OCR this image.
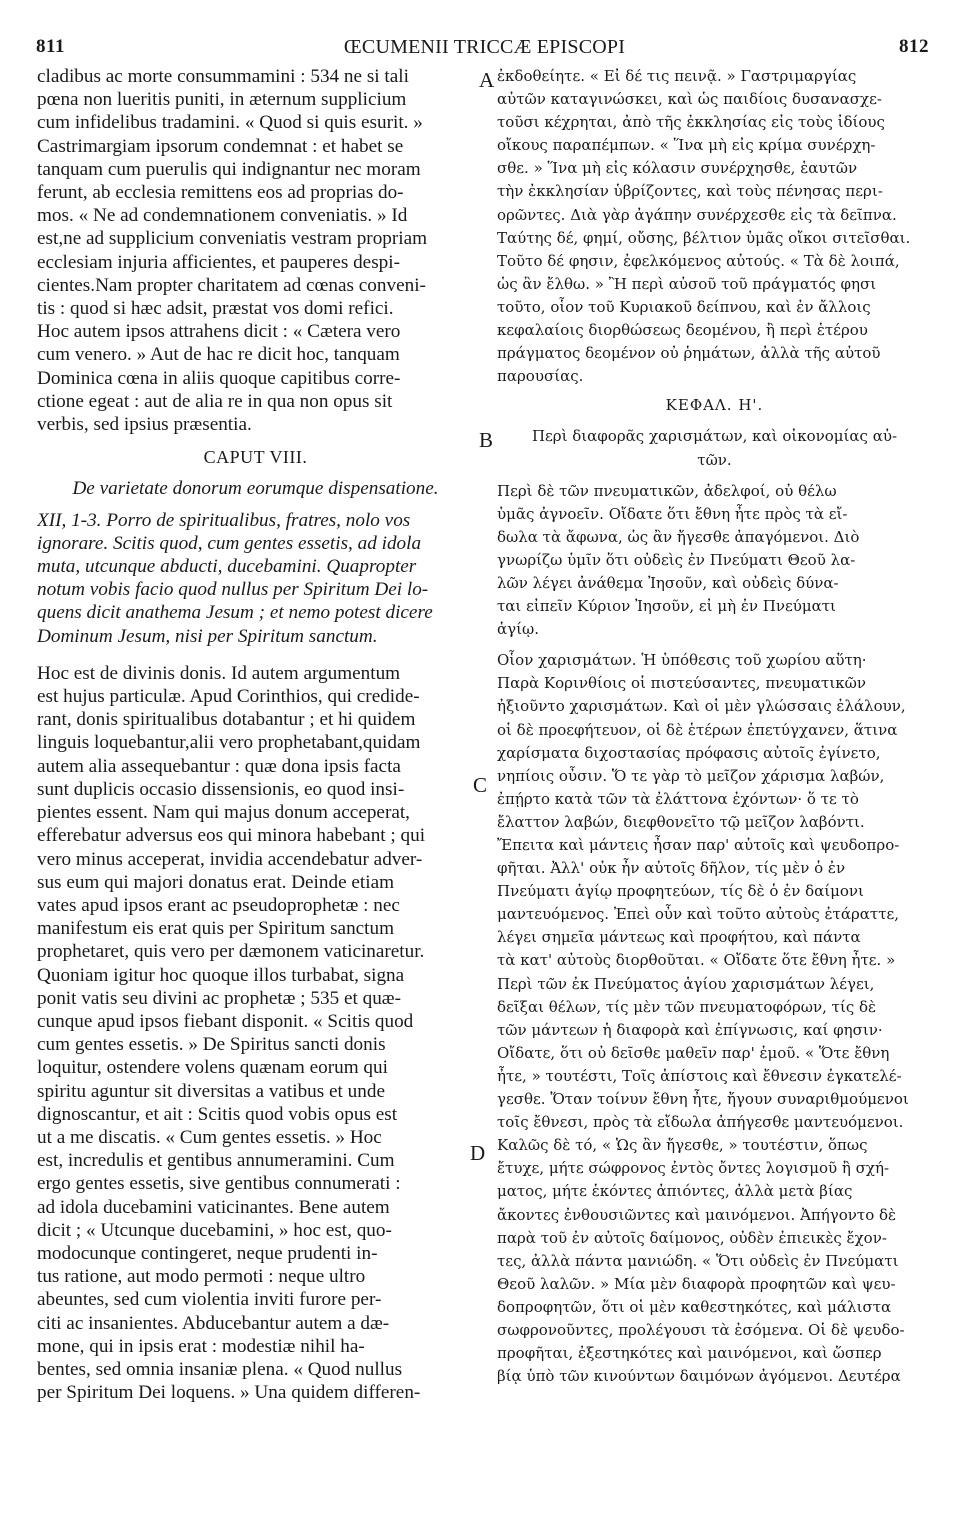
811	ŒCUMENII TRICCÆ EPISCOPI	812
A
B
C
D
cladibus ac morte consummamini : 534 ne si tali
pœna non lueritis puniti, in æternum supplicium
cum infidelibus tradamini. « Quod si quis esurit. »
Castrimargiam ipsorum condemnat : et habet se
tanquam cum puerulis qui indignantur nec moram
ferunt, ab ecclesia remittens eos ad proprias do-
mos. « Ne ad condemnationem conveniatis. » Id
est,ne ad supplicium conveniatis vestram propriam
ecclesiam injuria afficientes, et pauperes despi-
cientes.Nam propter charitatem ad cœnas conveni-
tis : quod si hæc adsit, præstat vos domi refici.
Hoc autem ipsos attrahens dicit : « Cætera vero
cum venero. » Aut de hac re dicit hoc, tanquam
Dominica cœna in aliis quoque capitibus corre-
ctione egeat : aut de alia re in qua non opus sit
verbis, sed ipsius præsentia.
CAPUT VIII.
De varietate donorum eorumque dispensatione.
XII, 1-3. Porro de spiritualibus, fratres, nolo vos
ignorare. Scitis quod, cum gentes essetis, ad idola
muta, utcunque abducti, ducebamini. Quapropter
notum vobis facio quod nullus per Spiritum Dei lo-
quens dicit anathema Jesum ; et nemo potest dicere
Dominum Jesum, nisi per Spiritum sanctum.
Hoc est de divinis donis. Id autem argumentum
est hujus particulæ. Apud Corinthios, qui credide-
rant, donis spiritualibus dotabantur ; et hi quidem
linguis loquebantur,alii vero prophetabant,quidam
autem alia assequebantur : quæ dona ipsis facta
sunt duplicis occasio dissensionis, eo quod insi-
pientes essent. Nam qui majus donum acceperat,
efferebatur adversus eos qui minora habebant ; qui
vero minus acceperat, invidia accendebatur adver-
sus eum qui majori donatus erat. Deinde etiam
vates apud ipsos erant ac pseudoprophetæ : nec
manifestum eis erat quis per Spiritum sanctum
prophetaret, quis vero per dæmonem vaticinaretur.
Quoniam igitur hoc quoque illos turbabat, signa
ponit vatis seu divini ac prophetæ ; 535 et quæ-
cunque apud ipsos fiebant disponit. « Scitis quod
cum gentes essetis. » De Spiritus sancti donis
loquitur, ostendere volens quænam eorum qui
spiritu aguntur sit diversitas a vatibus et unde
dignoscantur, et ait : Scitis quod vobis opus est
ut a me discatis. « Cum gentes essetis. » Hoc
est, incredulis et gentibus annumeramini. Cum
ergo gentes essetis, sive gentibus connumerati :
ad idola ducebamini vaticinantes. Bene autem
dicit ; « Utcunque ducebamini, » hoc est, quo-
modocunque contingeret, neque prudenti in-
tus ratione, aut modo permoti : neque ultro
abeuntes, sed cum violentia inviti furore per-
citi ac insanientes. Abducebantur autem a dæ-
mone, qui in ipsis erat : modestiæ nihil ha-
bentes, sed omnia insaniæ plena. « Quod nullus
per Spiritum Dei loquens. » Una quidem differen-
ἐκδοθείητε. « Εἰ δέ τις πεινᾷ. » Γαστριμαργίας
αὐτῶν καταγινώσκει, καὶ ὡς παιδίοις δυσανασχε-
τοῦσι κέχρηται, ἀπὸ τῆς ἐκκλησίας εἰς τοὺς ἰδίους
οἴκους παραπέμπων. « Ἵνα μὴ εἰς κρίμα συνέρχη-
σθε. » Ἵνα μὴ εἰς κόλασιν συνέρχησθε, ἑαυτῶν
τὴν ἐκκλησίαν ὑβρίζοντες, καὶ τοὺς πένησας περι-
ορῶντες. Διὰ γὰρ ἀγάπην συνέρχεσθε εἰς τὰ δεῖπνα.
Ταύτης δέ, φημί, οὔσης, βέλτιον ὑμᾶς οἴκοι σιτεῖσθαι.
Τοῦτο δέ φησιν, ἐφελκόμενος αὐτούς. « Τὰ δὲ λοιπά,
ὡς ἂν ἔλθω. » Ἢ περὶ αὐσοῦ τοῦ πράγματός φησι
τοῦτο, οἷον τοῦ Κυριακοῦ δείπνου, καὶ ἐν ἄλλοις
κεφαλαίοις διορθώσεως δεομένου, ἢ περὶ ἑτέρου
πράγματος δεομένον οὐ ῥημάτων, ἀλλὰ τῆς αὐτοῦ
παρουσίας.
ΚΕΦΑΛ. Η'.
Περὶ διαφορᾶς χαρισμάτων, καὶ οἰκονομίας αὐ-
τῶν.
Περὶ δὲ τῶν πνευματικῶν, ἀδελφοί, οὐ θέλω
ὑμᾶς ἀγνοεῖν. Οἴδατε ὅτι ἔθνη ἦτε πρὸς τὰ εἴ-
δωλα τὰ ἄφωνα, ὡς ἂν ἤγεσθε ἀπαγόμενοι. Διὸ
γνωρίζω ὑμῖν ὅτι οὐδεὶς ἐν Πνεύματι Θεοῦ λα-
λῶν λέγει ἀνάθεμα Ἰησοῦν, καὶ οὐδεὶς δύνα-
ται εἰπεῖν Κύριον Ἰησοῦν, εἰ μὴ ἐν Πνεύματι
ἁγίῳ.
Οἷον χαρισμάτων. Ἡ ὑπόθεσις τοῦ χωρίου αὕτη·
Παρὰ Κορινθίοις οἱ πιστεύσαντες, πνευματικῶν
ἠξιοῦντο χαρισμάτων. Καὶ οἱ μὲν γλώσσαις ἐλάλουν,
οἱ δὲ προεφήτευον, οἱ δὲ ἑτέρων ἐπετύγχανεν, ἅτινα
χαρίσματα διχοστασίας πρόφασις αὐτοῖς ἐγίνετο,
νηπίοις οὖσιν. Ὅ τε γὰρ τὸ μεῖζον χάρισμα λαβών,
ἐπῄρτο κατὰ τῶν τὰ ἐλάττονα ἐχόντων· ὅ τε τὸ
ἔλαττον λαβών, διεφθονεῖτο τῷ μεῖζον λαβόντι.
Ἔπειτα καὶ μάντεις ἦσαν παρ' αὐτοῖς καὶ ψευδοπρο-
φῆται. Ἀλλ' οὐκ ἦν αὐτοῖς δῆλον, τίς μὲν ὁ ἐν
Πνεύματι ἁγίῳ προφητεύων, τίς δὲ ὁ ἐν δαίμονι
μαντευόμενος. Ἐπεὶ οὖν καὶ τοῦτο αὐτοὺς ἐτάραττε,
λέγει σημεῖα μάντεως καὶ προφήτου, καὶ πάντα
τὰ κατ' αὐτοὺς διορθοῦται. « Οἴδατε ὅτε ἔθνη ἦτε. »
Περὶ τῶν ἐκ Πνεύματος ἁγίου χαρισμάτων λέγει,
δεῖξαι θέλων, τίς μὲν τῶν πνευματοφόρων, τίς δὲ
τῶν μάντεων ἡ διαφορὰ καὶ ἐπίγνωσις, καί φησιν·
Οἴδατε, ὅτι οὐ δεῖσθε μαθεῖν παρ' ἐμοῦ. « Ὅτε ἔθνη
ἦτε, » τουτέστι, Τοῖς ἀπίστοις καὶ ἔθνεσιν ἐγκατελέ-
γεσθε. Ὅταν τοίνυν ἔθνη ἦτε, ἤγουν συναριθμούμενοι
τοῖς ἔθνεσι, πρὸς τὰ εἴδωλα ἀπήγεσθε μαντευόμενοι.
Καλῶς δὲ τό, « Ὡς ἂν ἤγεσθε, » τουτέστιν, ὅπως
ἔτυχε, μήτε σώφρονος ἐντὸς ὄντες λογισμοῦ ἢ σχή-
ματος, μήτε ἑκόντες ἀπιόντες, ἀλλὰ μετὰ βίας
ἄκοντες ἐνθουσιῶντες καὶ μαινόμενοι. Ἀπήγοντο δὲ
παρὰ τοῦ ἐν αὐτοῖς δαίμονος, οὐδὲν ἐπιεικὲς ἔχον-
τες, ἀλλὰ πάντα μανιώδη. « Ὅτι οὐδεὶς ἐν Πνεύματι
Θεοῦ λαλῶν. » Μία μὲν διαφορὰ προφητῶν καὶ ψευ-
δοπροφητῶν, ὅτι οἱ μὲν καθεστηκότες, καὶ μάλιστα
σωφρονοῦντες, προλέγουσι τὰ ἐσόμενα. Οἱ δὲ ψευδο-
προφῆται, ἐξεστηκότες καὶ μαινόμενοι, καὶ ὥσπερ
βίᾳ ὑπὸ τῶν κινούντων δαιμόνων ἀγόμενοι. Δευτέρα
